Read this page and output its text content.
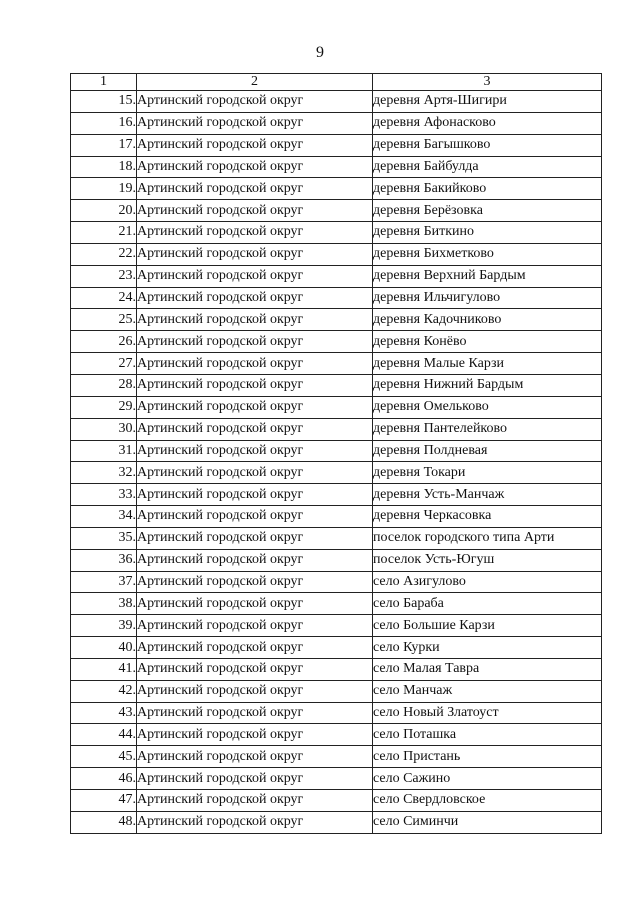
9
1	2	3
15.	Артинский городской округ	деревня Артя-Шигири
16.	Артинский городской округ	деревня Афонасково
17.	Артинский городской округ	деревня Багышково
18.	Артинский городской округ	деревня Байбулда
19.	Артинский городской округ	деревня Бакийково
20.	Артинский городской округ	деревня Берёзовка
21.	Артинский городской округ	деревня Биткино
22.	Артинский городской округ	деревня Бихметково
23.	Артинский городской округ	деревня Верхний Бардым
24.	Артинский городской округ	деревня Ильчигулово
25.	Артинский городской округ	деревня Кадочниково
26.	Артинский городской округ	деревня Конёво
27.	Артинский городской округ	деревня Малые Карзи
28.	Артинский городской округ	деревня Нижний Бардым
29.	Артинский городской округ	деревня Омельково
30.	Артинский городской округ	деревня Пантелейково
31.	Артинский городской округ	деревня Полдневая
32.	Артинский городской округ	деревня Токари
33.	Артинский городской округ	деревня Усть-Манчаж
34.	Артинский городской округ	деревня Черкасовка
35.	Артинский городской округ	поселок городского типа Арти
36.	Артинский городской округ	поселок Усть-Югуш
37.	Артинский городской округ	село Азигулово
38.	Артинский городской округ	село Бараба
39.	Артинский городской округ	село Большие Карзи
40.	Артинский городской округ	село Курки
41.	Артинский городской округ	село Малая Тавра
42.	Артинский городской округ	село Манчаж
43.	Артинский городской округ	село Новый Златоуст
44.	Артинский городской округ	село Поташка
45.	Артинский городской округ	село Пристань
46.	Артинский городской округ	село Сажино
47.	Артинский городской округ	село Свердловское
48.	Артинский городской округ	село Симинчи
